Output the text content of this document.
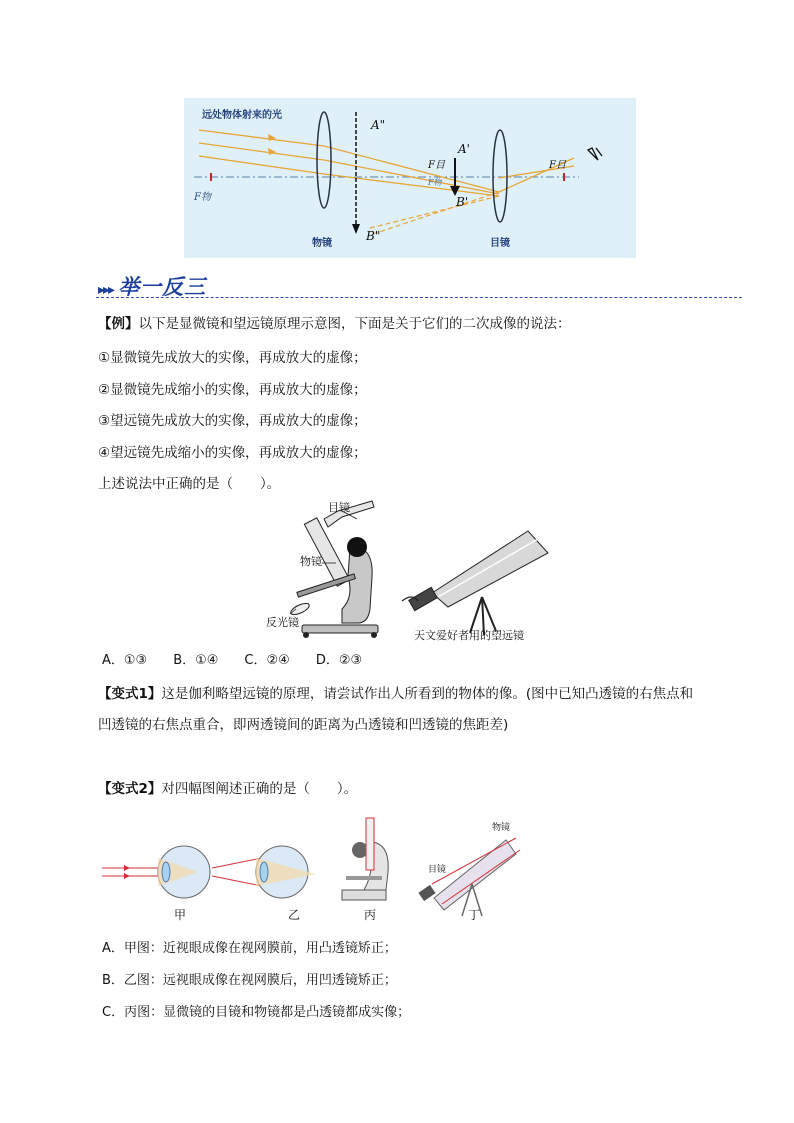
远处物体射来的光
A"
B"
A'
B'
F目	F目
F物
F物
物镜	目镜
▸▸▸ 举一反三
【例】以下是显微镜和望远镜原理示意图，下面是关于它们的二次成像的说法：
①显微镜先成放大的实像，再成放大的虚像；
②显微镜先成缩小的实像，再成放大的虚像；
③望远镜先成放大的实像，再成放大的虚像；
④望远镜先成缩小的实像，再成放大的虚像；
上述说法中正确的是（　　）。
目镜
物镜
反光镜
天文爱好者用的望远镜
A．①③　　B．①④　　C．②④　　D．②③
【变式1】这是伽利略望远镜的原理，请尝试作出人所看到的物体的像。(图中已知凸透镜的右焦点和
凹透镜的右焦点重合，即两透镜间的距离为凸透镜和凹透镜的焦距差)
【变式2】对四幅图阐述正确的是（　　）。
物镜
目镜
甲	乙	丙	丁
A．甲图：近视眼成像在视网膜前，用凸透镜矫正；
B．乙图：远视眼成像在视网膜后，用凹透镜矫正；
C．丙图：显微镜的目镜和物镜都是凸透镜都成实像；
